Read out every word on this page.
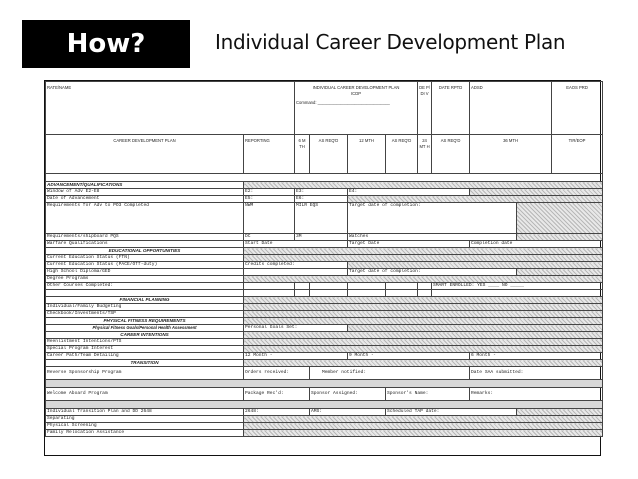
How?	Individual Career Development Plan
RATE/NAME		INDIVIDUAL CAREER DEVELOPMENT PLAN
ICDP
Command: _______________________________				DE P/ DI V	DATE RPTD	ADSD		EAOS PRD
CAREER DEVELOPMENT PLAN	REPORTING	6 M TH	AS REQ'D	12 MTH	AS REQ'D	24 MT H	AS REQ'D	36 MTH		TIR/EOP

ADVANCEMENT/QUALIFICATIONS										
Window of Adv E2-E8	E2:	E3:		E4:						
Date of Advancement	E5:	E6:								
Requirements for Adv to PO3 Completed	NWM	MILR EQS		Target date of completion:						
Requirements/shipboard PQS	DC	3M		Watches						
Warfare Qualifications	Start Date			Target Date				Completion date		
EDUCATIONAL OPPORTUNITIES										
Current Education Status (FTN)										
Current Education Status (PACE/Off-duty)	Credits completed:									
High School Diploma/GED				Target date of completion:						
Degree Programs										
Other Courses Completed:							SMART ENROLLED: YES ____ NO _____			

FINANCIAL PLANNING										
Individual/Family Budgeting										
Checkbook/Investments/TSP										
PHYSICAL FITNESS REQUIREMENTS										
Physical Fitness Goals/Personal Health Assessment	Personal Goals Set:									
CAREER INTENTIONS										
Reenlistment Intentions/PTS										
Special Program Interest										
Career Path/Team Detailing	12 Month -			9 Month -				6 Month -		
TRANSITION										
Reverse Sponsorship Program	Orders received:		Member notified:					Date SAA submitted:		

Welcome Aboard Program	Package Rec'd:		Sponsor Assigned:		Sponsor's Name:			Remarks:		

Individual Transition Plan and DD 2648	2648:		AMS:		Scheduled TAP date:					
Separating										
Physical Screening										
Family Relocation Assistance										
